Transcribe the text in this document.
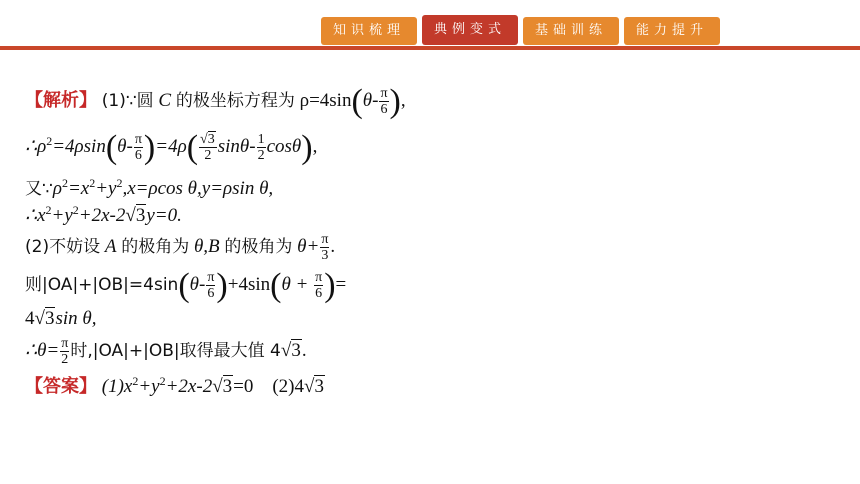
知识梳理	典例变式	基础训练	能力提升
【解析】 (1)∵圆 C 的极坐标方程为 $\rho=4\sin(\theta- \frac{\pi}{6}$ ),
$\therefore\rho^2=4\rho\sin(\theta- \frac{\pi}{6} )=4\rho( \frac{√3}{2} \sin\theta- \frac{1}{2} \cos\theta)$,
又$\because\rho^2=x^2+y^2,x=\rho\cos$ θ,y=ρsin θ,
$\therefore x^2+y^2+2x-2√3y=0$.
(2)不妨设 A 的极角为 θ,B 的极角为 $\theta+ \frac{\pi}{3}$ .
则$|OA|+|OB|=4\sin(\theta- \frac{\pi}{6} )+4\sin(\theta + \frac{\pi}{6}$ )=
4√3sin θ,
∴θ= $\frac{\pi}{2}$ 时,|OA|+|OB|取得最大值 4√3.
【答案】 $(1)x^2+y^2+2x-2√3=0$    (2)4√3
